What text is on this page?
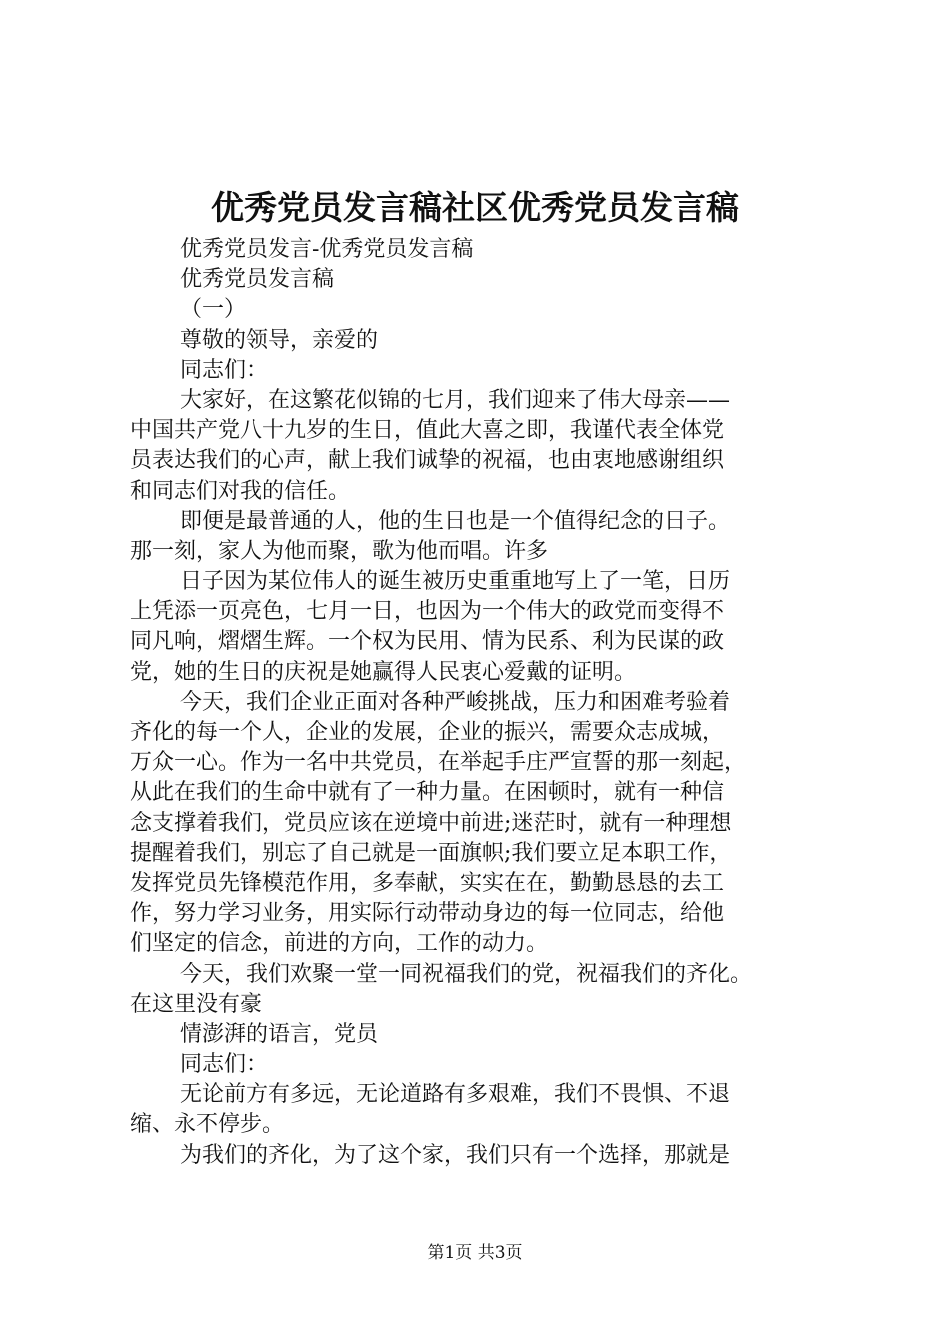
优秀党员发言稿社区优秀党员发言稿
优秀党员发言-优秀党员发言稿
优秀党员发言稿
（一）
尊敬的领导，亲爱的
同志们：
大家好，在这繁花似锦的七月，我们迎来了伟大母亲——
中国共产党八十九岁的生日，值此大喜之即，我谨代表全体党
员表达我们的心声，献上我们诚挚的祝福，也由衷地感谢组织
和同志们对我的信任。
即便是最普通的人，他的生日也是一个值得纪念的日子。
那一刻，家人为他而聚，歌为他而唱。许多
日子因为某位伟人的诞生被历史重重地写上了一笔，日历
上凭添一页亮色，七月一日，也因为一个伟大的政党而变得不
同凡响，熠熠生辉。一个权为民用、情为民系、利为民谋的政
党，她的生日的庆祝是她赢得人民衷心爱戴的证明。
今天，我们企业正面对各种严峻挑战，压力和困难考验着
齐化的每一个人，企业的发展，企业的振兴，需要众志成城，
万众一心。作为一名中共党员，在举起手庄严宣誓的那一刻起，
从此在我们的生命中就有了一种力量。在困顿时，就有一种信
念支撑着我们，党员应该在逆境中前进;迷茫时，就有一种理想
提醒着我们，别忘了自己就是一面旗帜;我们要立足本职工作，
发挥党员先锋模范作用，多奉献，实实在在，勤勤恳恳的去工
作，努力学习业务，用实际行动带动身边的每一位同志，给他
们坚定的信念，前进的方向，工作的动力。
今天，我们欢聚一堂一同祝福我们的党，祝福我们的齐化。
在这里没有豪
情澎湃的语言，党员
同志们：
无论前方有多远，无论道路有多艰难，我们不畏惧、不退
缩、永不停步。
为我们的齐化，为了这个家，我们只有一个选择，那就是
第1页 共3页
